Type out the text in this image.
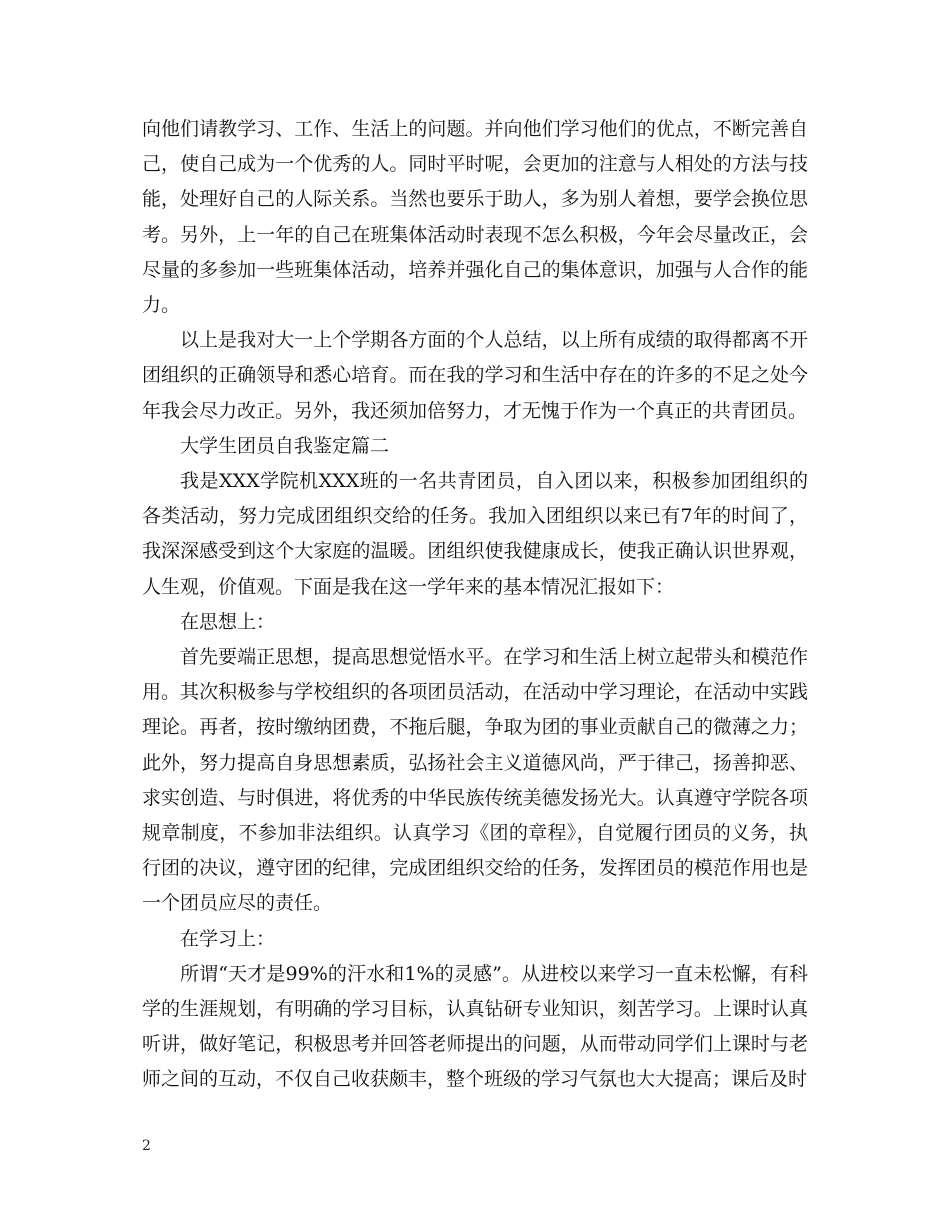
向他们请教学习、工作、生活上的问题。并向他们学习他们的优点，不断完善自己，使自己成为一个优秀的人。同时平时呢，会更加的注意与人相处的方法与技能，处理好自己的人际关系。当然也要乐于助人，多为别人着想，要学会换位思考。另外，上一年的自己在班集体活动时表现不怎么积极，今年会尽量改正，会尽量的多参加一些班集体活动，培养并强化自己的集体意识，加强与人合作的能力。

以上是我对大一上个学期各方面的个人总结，以上所有成绩的取得都离不开团组织的正确领导和悉心培育。而在我的学习和生活中存在的许多的不足之处今年我会尽力改正。另外，我还须加倍努力，才无愧于作为一个真正的共青团员。

大学生团员自我鉴定篇二

我是XXX学院机XXX班的一名共青团员，自入团以来，积极参加团组织的各类活动，努力完成团组织交给的任务。我加入团组织以来已有7年的时间了，我深深感受到这个大家庭的温暖。团组织使我健康成长，使我正确认识世界观，人生观，价值观。下面是我在这一学年来的基本情况汇报如下：

在思想上：

首先要端正思想，提高思想觉悟水平。在学习和生活上树立起带头和模范作用。其次积极参与学校组织的各项团员活动，在活动中学习理论，在活动中实践理论。再者，按时缴纳团费，不拖后腿，争取为团的事业贡献自己的微薄之力；此外，努力提高自身思想素质，弘扬社会主义道德风尚，严于律己，扬善抑恶、求实创造、与时俱进，将优秀的中华民族传统美德发扬光大。认真遵守学院各项规章制度，不参加非法组织。认真学习《团的章程》，自觉履行团员的义务，执行团的决议，遵守团的纪律，完成团组织交给的任务，发挥团员的模范作用也是一个团员应尽的责任。

在学习上：

所谓“天才是99%的汗水和1%的灵感”。从进校以来学习一直未松懈，有科学的生涯规划，有明确的学习目标，认真钻研专业知识，刻苦学习。上课时认真听讲，做好笔记，积极思考并回答老师提出的问题，从而带动同学们上课时与老师之间的互动，不仅自己收获颇丰，整个班级的学习气氛也大大提高；课后及时

2
